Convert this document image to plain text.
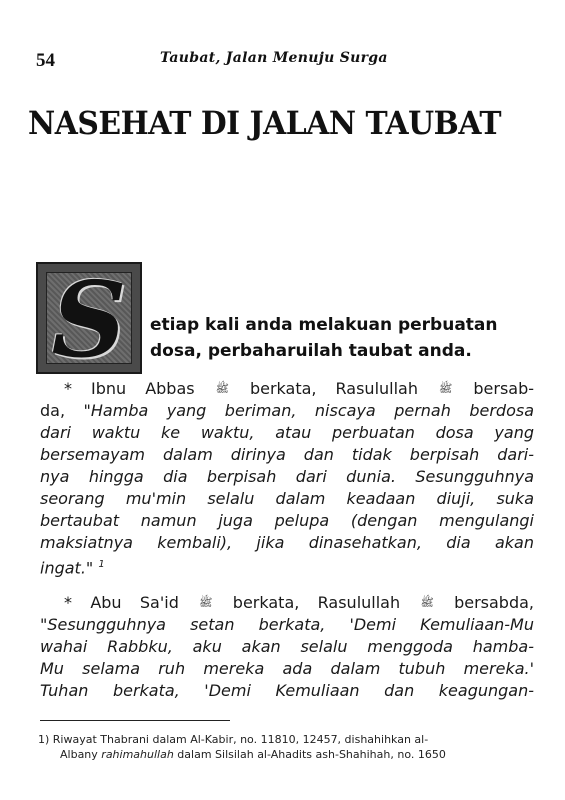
54	Taubat, Jalan Menuju Surga
NASEHAT DI JALAN TAUBAT
S	etiap kali anda melakuan perbuatan
dosa, perbaharuilah taubat anda.
* Ibnu Abbas ﷺ berkata, Rasulullah ﷺ bersab-
da, "Hamba yang beriman, niscaya pernah berdosa
dari waktu ke waktu, atau perbuatan dosa yang
bersemayam dalam dirinya dan tidak berpisah dari-
nya hingga dia berpisah dari dunia. Sesungguhnya
seorang mu'min selalu dalam keadaan diuji, suka
bertaubat namun juga pelupa (dengan mengulangi
maksiatnya kembali), jika dinasehatkan, dia akan
ingat." $^1$
* Abu Sa'id ﷺ berkata, Rasulullah ﷺ bersabda,
"Sesungguhnya setan berkata, 'Demi Kemuliaan-Mu
wahai Rabbku, aku akan selalu menggoda hamba-
Mu selama ruh mereka ada dalam tubuh mereka.'
Tuhan berkata, 'Demi Kemuliaan dan keagungan-
1) Riwayat Thabrani dalam Al-Kabir, no. 11810, 12457, dishahihkan al-
Albany rahimahullah dalam Silsilah al-Ahadits ash-Shahihah, no. 1650
